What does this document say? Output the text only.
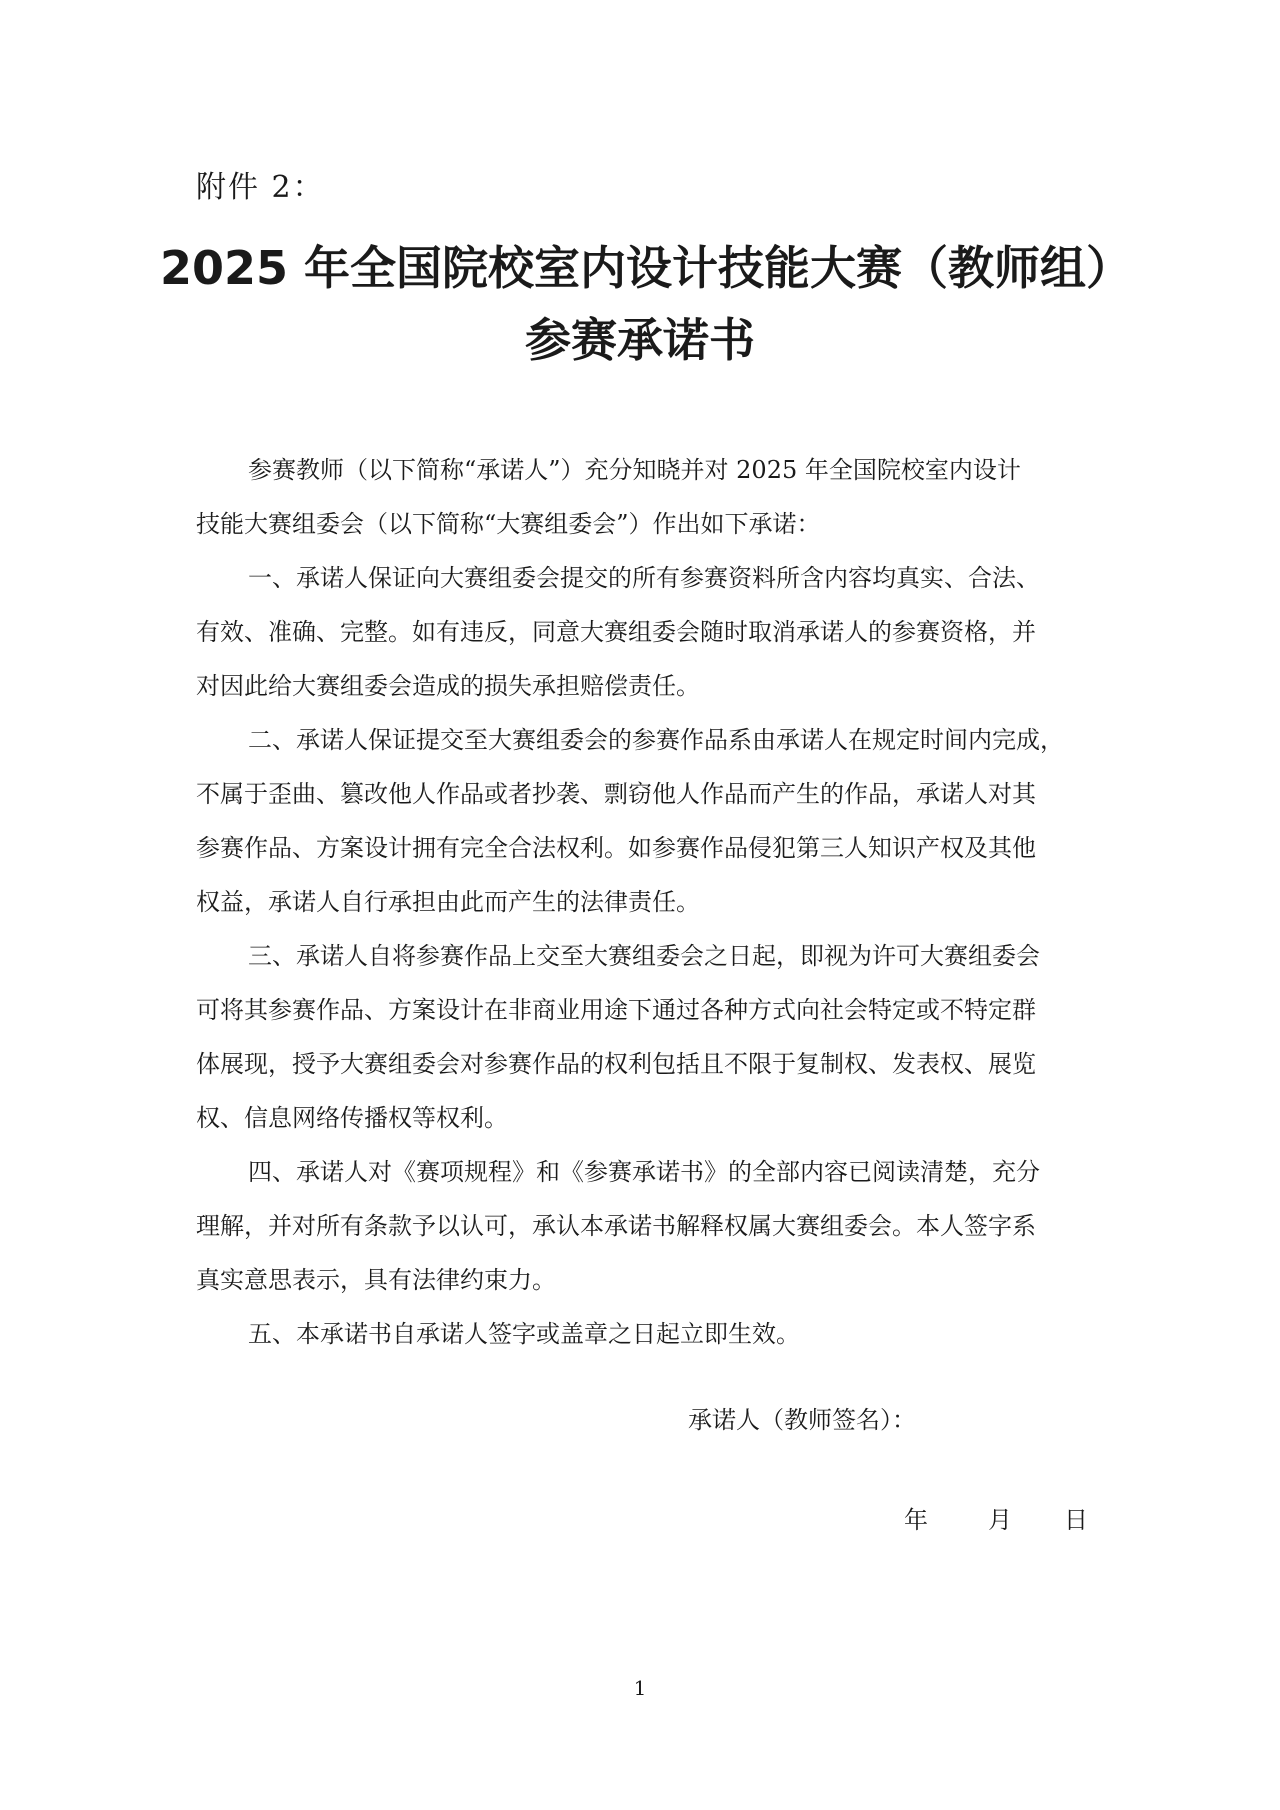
附件 2：
2025 年全国院校室内设计技能大赛（教师组）
参赛承诺书
参赛教师（以下简称“承诺人”）充分知晓并对 2025 年全国院校室内设计
技能大赛组委会（以下简称“大赛组委会”）作出如下承诺：
一、承诺人保证向大赛组委会提交的所有参赛资料所含内容均真实、合法、
有效、准确、完整。如有违反，同意大赛组委会随时取消承诺人的参赛资格，并
对因此给大赛组委会造成的损失承担赔偿责任。
二、承诺人保证提交至大赛组委会的参赛作品系由承诺人在规定时间内完成，
不属于歪曲、篡改他人作品或者抄袭、剽窃他人作品而产生的作品，承诺人对其
参赛作品、方案设计拥有完全合法权利。如参赛作品侵犯第三人知识产权及其他
权益，承诺人自行承担由此而产生的法律责任。
三、承诺人自将参赛作品上交至大赛组委会之日起，即视为许可大赛组委会
可将其参赛作品、方案设计在非商业用途下通过各种方式向社会特定或不特定群
体展现，授予大赛组委会对参赛作品的权利包括且不限于复制权、发表权、展览
权、信息网络传播权等权利。
四、承诺人对《赛项规程》和《参赛承诺书》的全部内容已阅读清楚，充分
理解，并对所有条款予以认可，承认本承诺书解释权属大赛组委会。本人签字系
真实意思表示，具有法律约束力。
五、本承诺书自承诺人签字或盖章之日起立即生效。
承诺人（教师签名）：
年	月 日
1
